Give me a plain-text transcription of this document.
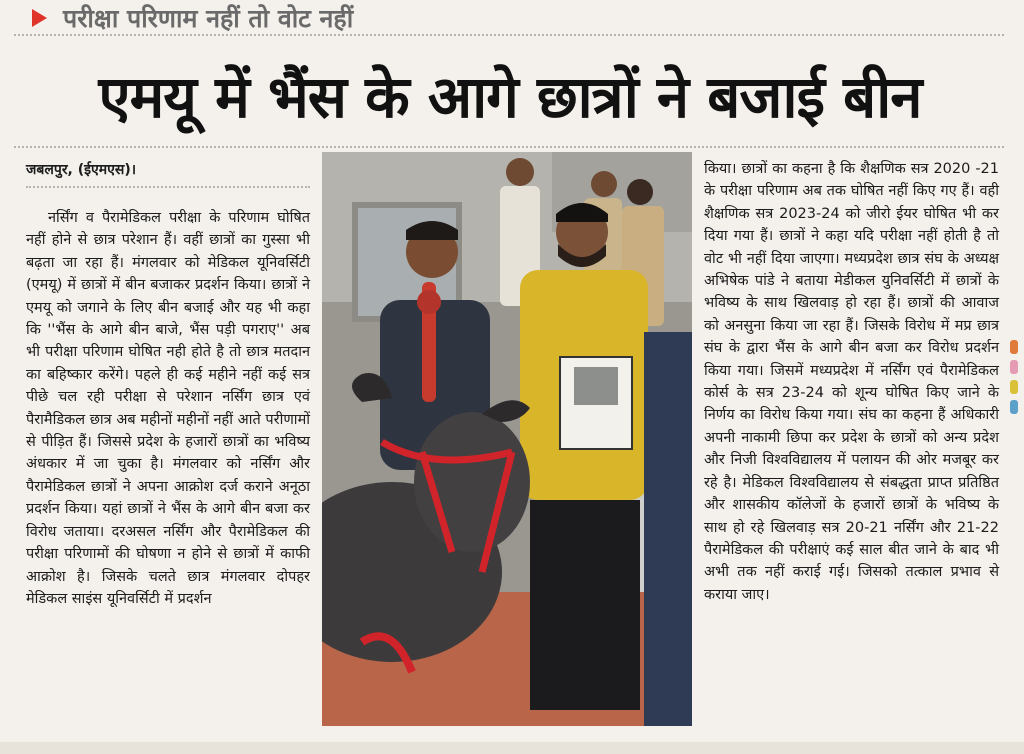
परीक्षा परिणाम नहीं तो वोट नहीं
एमयू में भैंस के आगे छात्रों ने बजाई बीन
जबलपुर, (ईएमएस)।

नर्सिंग व पैरामेडिकल परीक्षा के परिणाम घोषित नहीं होने से छात्र परेशान हैं। वहीं छात्रों का गुस्सा भी बढ़ता जा रहा हैं। मंगलवार को मेडिकल यूनिवर्सिटी (एमयू) में छात्रों में बीन बजाकर प्रदर्शन किया। छात्रों ने एमयू को जगाने के लिए बीन बजाई और यह भी कहा कि ''भैंस के आगे बीन बाजे, भैंस पड़ी पगराए'' अब भी परीक्षा परिणाम घोषित नही होते है तो छात्र मतदान का बहिष्कार करेंगे। पहले ही कई महीने नहीं कई सत्र पीछे चल रही परीक्षा से परेशान नर्सिंग छात्र एवं पैरामैडिकल छात्र अब महीनों महीनों नहीं आते परीणामों से पीड़ित हैं। जिससे प्रदेश के हजारों छात्रों का भविष्य अंधकार में जा चुका है। मंगलवार को नर्सिंग और पैरामेडिकल छात्रों ने अपना आक्रोश दर्ज कराने अनूठा प्रदर्शन किया। यहां छात्रों ने भैंस के आगे बीन बजा कर विरोध जताया। दरअसल नर्सिंग और पैरामेडिकल की परीक्षा परिणामों की घोषणा न होने से छात्रों में काफी आक्रोश है। जिसके चलते छात्र मंगलवार दोपहर मेडिकल साइंस यूनिवर्सिटी में प्रदर्शन

किया। छात्रों का कहना है कि शैक्षणिक सत्र 2020 -21 के परीक्षा परिणाम अब तक घोषित नहीं किए गए हैं। वही शैक्षणिक सत्र 2023-24 को जीरो ईयर घोषित भी कर दिया गया हैं। छात्रों ने कहा यदि परीक्षा नहीं होती है तो वोट भी नहीं दिया जाएगा। मध्यप्रदेश छात्र संघ के अध्यक्ष अभिषेक पांडे ने बताया मेडीकल युनिवर्सिटी में छात्रों के भविष्य के साथ खिलवाड़ हो रहा हैं। छात्रों की आवाज को अनसुना किया जा रहा हैं। जिसके विरोध में मप्र छात्र संघ के द्वारा भैंस के आगे बीन बजा कर विरोध प्रदर्शन किया गया। जिसमें मध्यप्रदेश में नर्सिंग एवं पैरामेडिकल कोर्स के सत्र 23-24 को शून्य घोषित किए जाने के निर्णय का विरोध किया गया। संघ का कहना हैं अधिकारी अपनी नाकामी छिपा कर प्रदेश के छात्रों को अन्य प्रदेश और निजी विश्वविद्यालय में पलायन की ओर मजबूर कर रहे है। मेडिकल विश्वविद्यालय से संबद्धता प्राप्त प्रतिष्ठित और शासकीय कॉलेजों के हजारों छात्रों के भविष्य के साथ हो रहे खिलवाड़ सत्र 20-21 नर्सिंग और 21-22 पैरामेडिकल की परीक्षाएं कई साल बीत जाने के बाद भी अभी तक नहीं कराई गई। जिसको तत्काल प्रभाव से कराया जाए।
